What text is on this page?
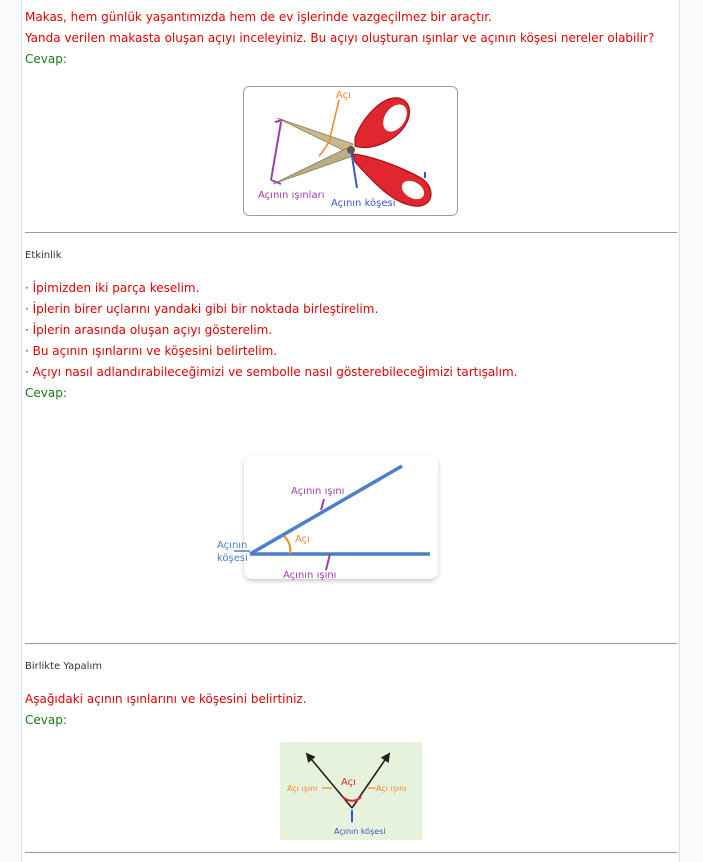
Makas, hem günlük yaşantımızda hem de ev işlerinde vazgeçilmez bir araçtır.
Yanda verilen makasta oluşan açıyı inceleyiniz. Bu açıyı oluşturan ışınlar ve açının köşesi nereler olabilir?
Cevap:
Açı
Açının ışınları
Açının köşesi
Etkinlik
· İpimizden iki parça keselim.
· İplerin birer uçlarını yandaki gibi bir noktada birleştirelim.
· İplerin arasında oluşan açıyı gösterelim.
· Bu açının ışınlarını ve köşesini belirtelim.
· Açıyı nasıl adlandırabileceğimizi ve sembolle nasıl gösterebileceğimizi tartışalım.
Cevap:
Açının ışını
Açı
Açının
köşesi
Açının ışını
Birlikte Yapalım
Aşağıdaki açının ışınlarını ve köşesini belirtiniz.
Cevap:
Açı
Açı ışını	Açı ışını
Açının köşesi
